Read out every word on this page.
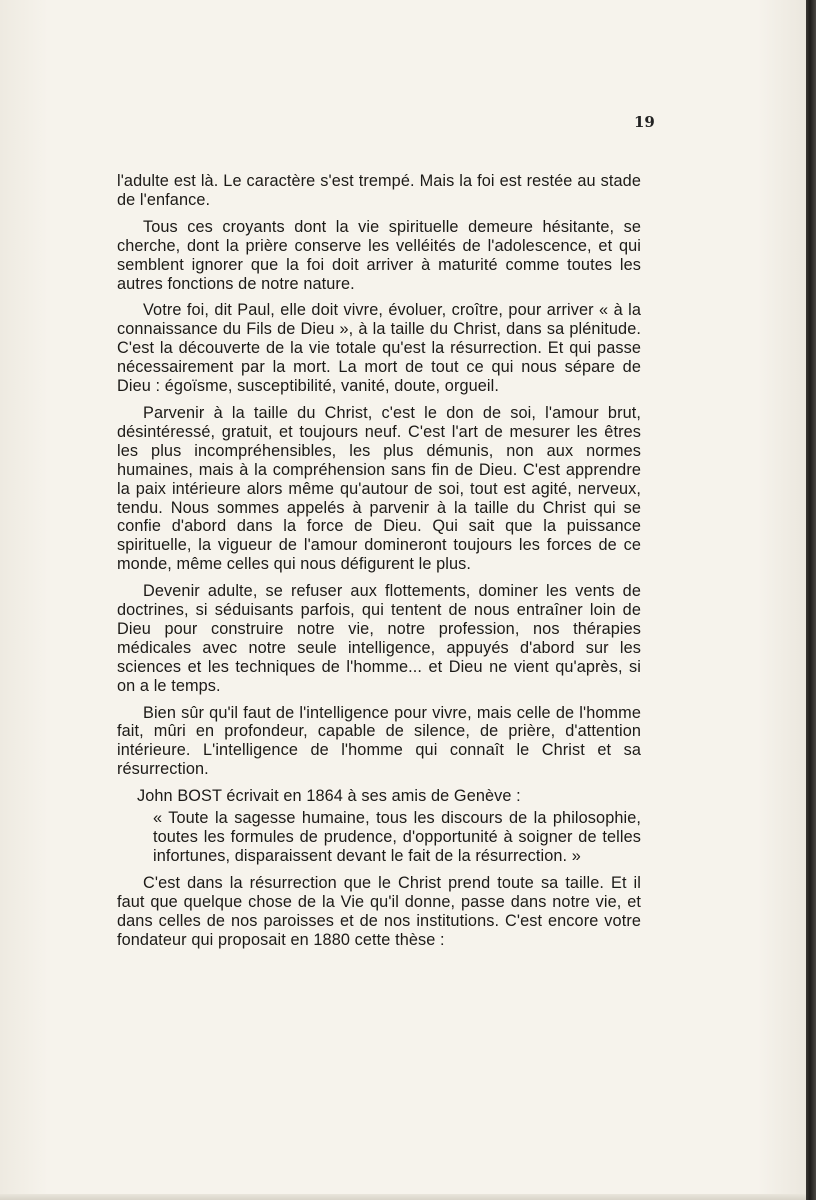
19

l'adulte est là. Le caractère s'est trempé. Mais la foi est restée au stade de l'enfance.

Tous ces croyants dont la vie spirituelle demeure hésitante, se cherche, dont la prière conserve les velléités de l'adolescence, et qui semblent ignorer que la foi doit arriver à maturité comme toutes les autres fonctions de notre nature.

Votre foi, dit Paul, elle doit vivre, évoluer, croître, pour arriver « à la connaissance du Fils de Dieu », à la taille du Christ, dans sa plénitude. C'est la découverte de la vie totale qu'est la résurrection. Et qui passe nécessairement par la mort. La mort de tout ce qui nous sépare de Dieu : égoïsme, susceptibilité, vanité, doute, orgueil.

Parvenir à la taille du Christ, c'est le don de soi, l'amour brut, désintéressé, gratuit, et toujours neuf. C'est l'art de mesurer les êtres les plus incompréhensibles, les plus démunis, non aux normes humaines, mais à la compréhension sans fin de Dieu. C'est apprendre la paix intérieure alors même qu'autour de soi, tout est agité, nerveux, tendu. Nous sommes appelés à parvenir à la taille du Christ qui se confie d'abord dans la force de Dieu. Qui sait que la puissance spirituelle, la vigueur de l'amour domineront toujours les forces de ce monde, même celles qui nous défigurent le plus.

Devenir adulte, se refuser aux flottements, dominer les vents de doctrines, si séduisants parfois, qui tentent de nous entraîner loin de Dieu pour construire notre vie, notre profession, nos thérapies médicales avec notre seule intelligence, appuyés d'abord sur les sciences et les techniques de l'homme... et Dieu ne vient qu'après, si on a le temps.

Bien sûr qu'il faut de l'intelligence pour vivre, mais celle de l'homme fait, mûri en profondeur, capable de silence, de prière, d'attention intérieure. L'intelligence de l'homme qui connaît le Christ et sa résurrection.

John BOST écrivait en 1864 à ses amis de Genève :

« Toute la sagesse humaine, tous les discours de la philosophie, toutes les formules de prudence, d'opportunité à soigner de telles infortunes, disparaissent devant le fait de la résurrection. »

C'est dans la résurrection que le Christ prend toute sa taille. Et il faut que quelque chose de la Vie qu'il donne, passe dans notre vie, et dans celles de nos paroisses et de nos institutions. C'est encore votre fondateur qui proposait en 1880 cette thèse :
